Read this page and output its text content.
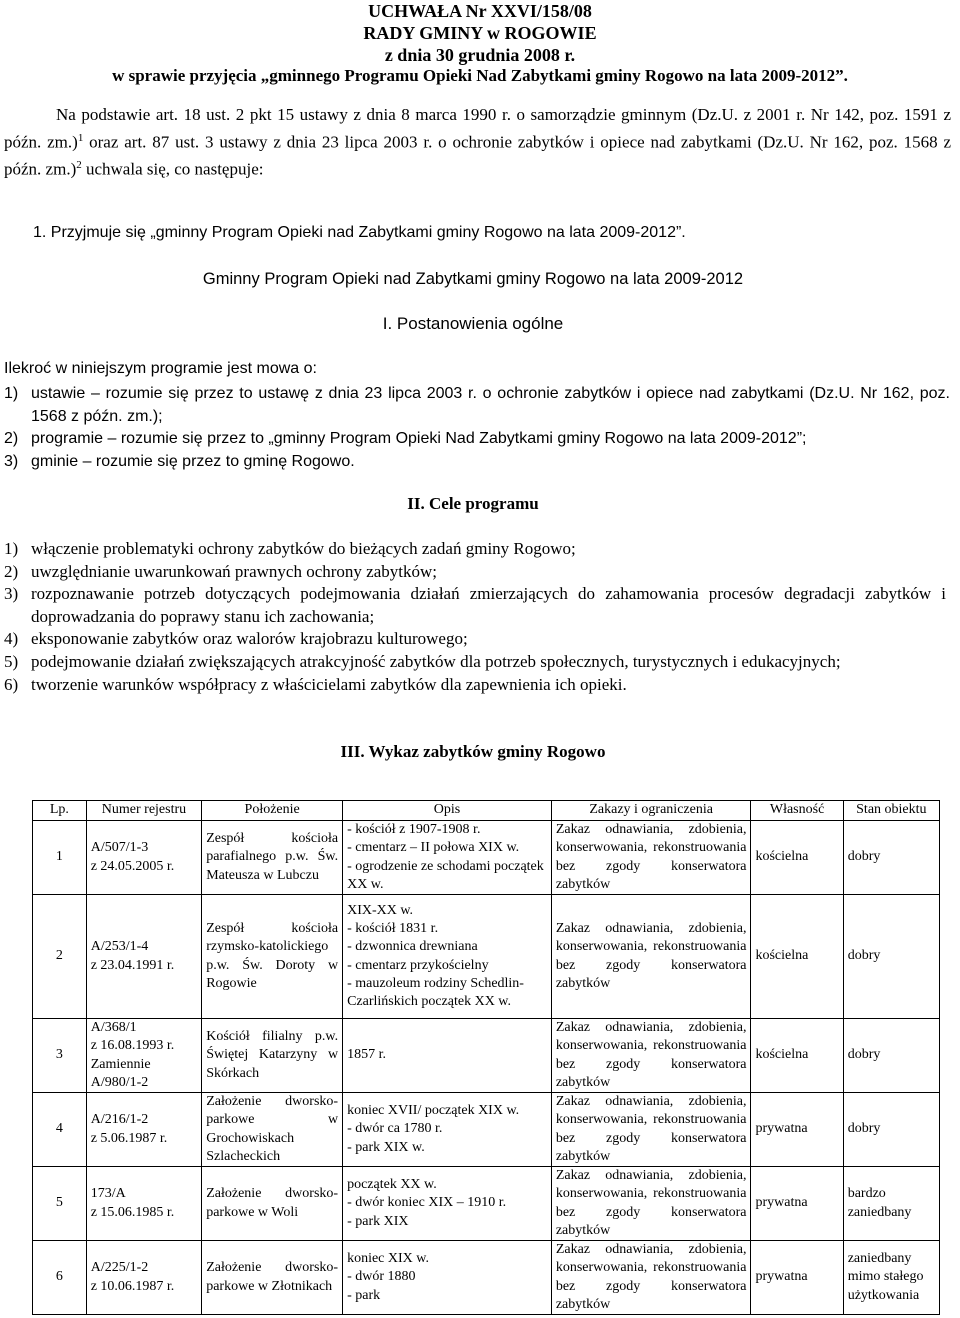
UCHWAŁA Nr XXVI/158/08
RADY GMINY w ROGOWIE
z dnia 30 grudnia 2008 r.
w sprawie przyjęcia „gminnego Programu Opieki Nad Zabytkami gminy Rogowo na lata 2009-2012”.
Na podstawie art. 18 ust. 2 pkt 15 ustawy z dnia 8 marca 1990 r. o samorządzie gminnym (Dz.U. z 2001 r. Nr 142, poz. 1591 z późn. zm.)$^1$ oraz art. 87 ust. 3 ustawy z dnia 23 lipca 2003 r. o ochronie zabytków i opiece nad zabytkami (Dz.U. Nr 162, poz. 1568 z późn. zm.)$^2$ uchwala się, co następuje:
1. Przyjmuje się „gminny Program Opieki nad Zabytkami gminy Rogowo na lata 2009-2012”.
Gminny Program Opieki nad Zabytkami gminy Rogowo na lata 2009-2012
I. Postanowienia ogólne
Ilekroć w niniejszym programie jest mowa o:
1) ustawie – rozumie się przez to ustawę z dnia 23 lipca 2003 r. o ochronie zabytków i opiece nad zabytkami (Dz.U. Nr 162, poz. 1568 z późn. zm.);
2) programie – rozumie się przez to „gminny Program Opieki Nad Zabytkami gminy Rogowo na lata 2009-2012”;
3) gminie – rozumie się przez to gminę Rogowo.
II. Cele programu
1) włączenie problematyki ochrony zabytków do bieżących zadań gminy Rogowo;
2) uwzględnianie uwarunkowań prawnych ochrony zabytków;
3) rozpoznawanie potrzeb dotyczących podejmowania działań zmierzających do zahamowania procesów degradacji zabytków i doprowadzania do poprawy stanu ich zachowania;
4) eksponowanie zabytków oraz walorów krajobrazu kulturowego;
5) podejmowanie działań zwiększających atrakcyjność zabytków dla potrzeb społecznych, turystycznych i edukacyjnych;
6) tworzenie warunków współpracy z właścicielami zabytków dla zapewnienia ich opieki.
III. Wykaz zabytków gminy Rogowo
Lp.	Numer rejestru	Położenie	Opis	Zakazy i ograniczenia	Własność	Stan obiektu
1	A/507/1-3
z 24.05.2005 r.	Zespół kościoła parafialnego p.w. Św. Mateusza w Lubczu	- kościół z 1907-1908 r.
- cmentarz – II połowa XIX w.
- ogrodzenie ze schodami początek XX w.	Zakaz odnawiania, zdobienia, konserwowania, rekonstruowania bez zgody konserwatora zabytków	kościelna	dobry
2	A/253/1-4
z 23.04.1991 r.	Zespół kościoła rzymsko-katolickiego p.w. Św. Doroty w Rogowie	XIX-XX w.
- kościół 1831 r.
- dzwonnica drewniana
- cmentarz przykościelny
- mauzoleum rodziny Schedlin-Czarlińskich początek XX w.	Zakaz odnawiania, zdobienia, konserwowania, rekonstruowania bez zgody konserwatora zabytków	kościelna	dobry
3	A/368/1
z 16.08.1993 r.
Zamiennie
A/980/1-2	Kościół filialny p.w. Świętej Katarzyny w Skórkach	1857 r.	Zakaz odnawiania, zdobienia, konserwowania, rekonstruowania bez zgody konserwatora zabytków	kościelna	dobry
4	A/216/1-2
z 5.06.1987 r.	Założenie dworsko-parkowe w Grochowiskach Szlacheckich	koniec XVII/ początek XIX w.
- dwór ca 1780 r.
- park XIX w.	Zakaz odnawiania, zdobienia, konserwowania, rekonstruowania bez zgody konserwatora zabytków	prywatna	dobry
5	173/A
z 15.06.1985 r.	Założenie dworsko-parkowe w Woli	początek XX w.
- dwór koniec XIX – 1910 r.
- park XIX	Zakaz odnawiania, zdobienia, konserwowania, rekonstruowania bez zgody konserwatora zabytków	prywatna	bardzo zaniedbany
6	A/225/1-2
z 10.06.1987 r.	Założenie dworsko-parkowe w Złotnikach	koniec XIX w.
- dwór 1880
- park	Zakaz odnawiania, zdobienia, konserwowania, rekonstruowania bez zgody konserwatora zabytków	prywatna	zaniedbany mimo stałego użytkowania
